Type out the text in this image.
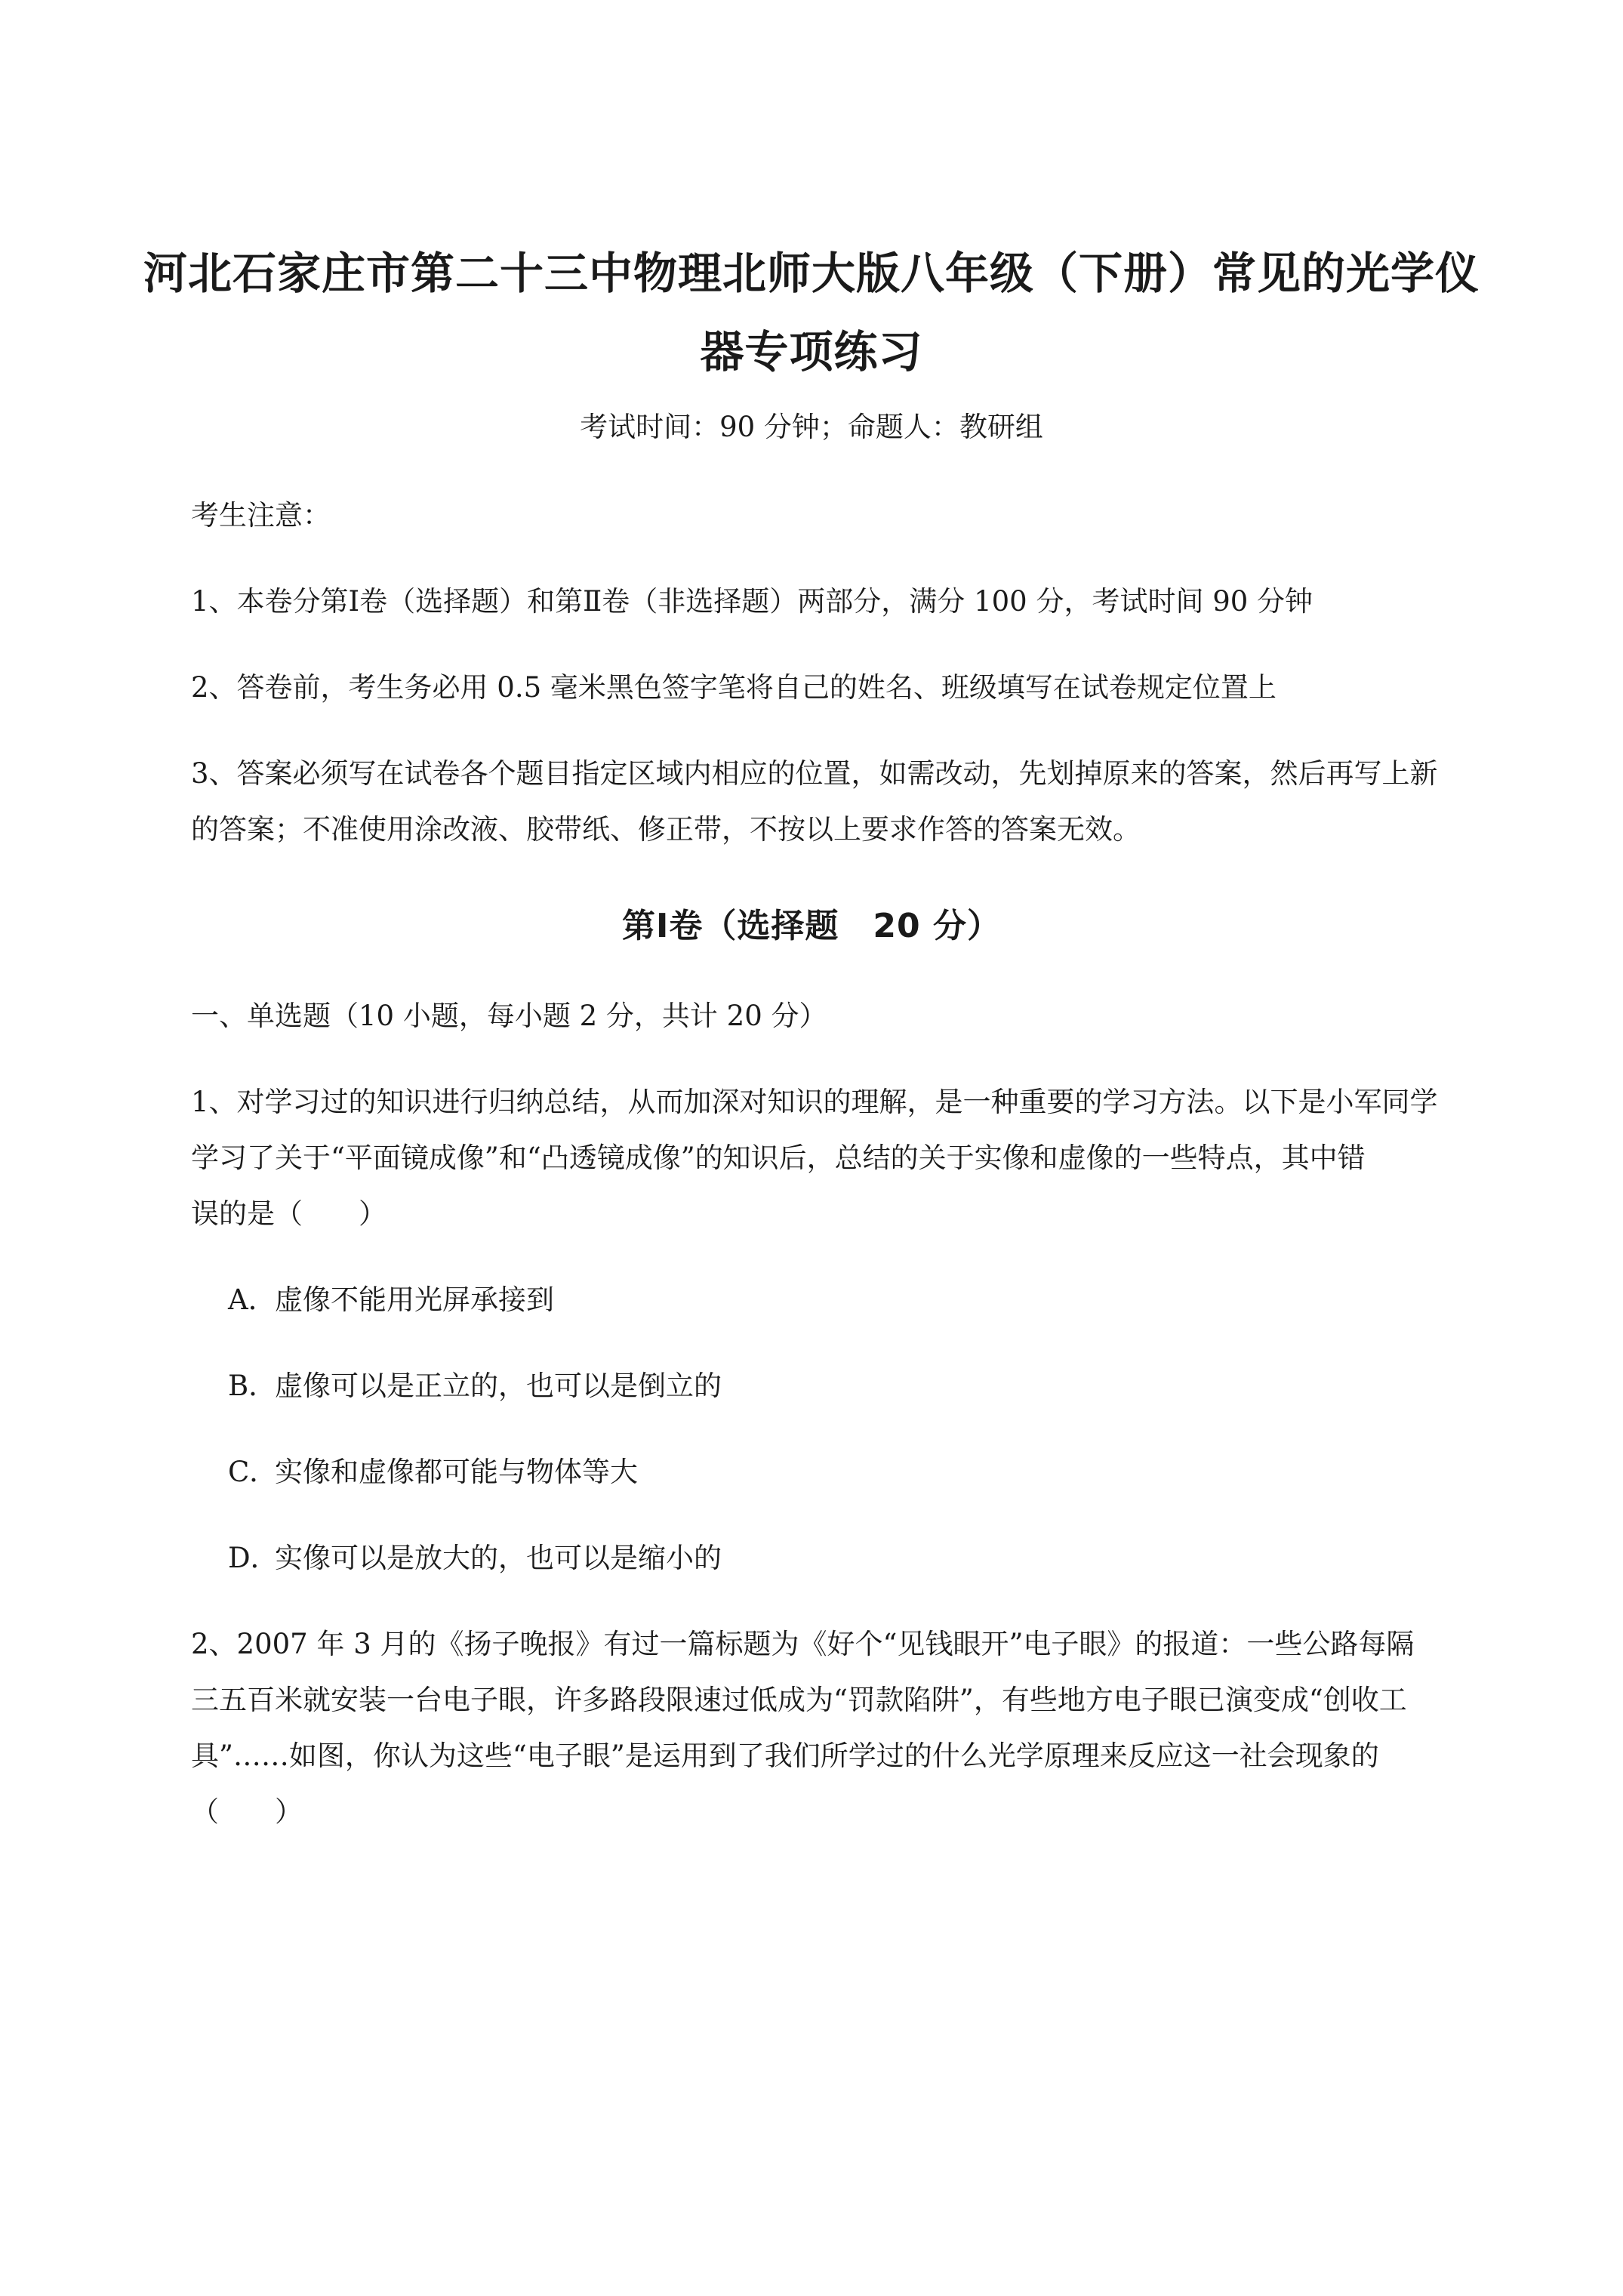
河北石家庄市第二十三中物理北师大版八年级（下册）常见的光学仪
器专项练习
考试时间：90 分钟；命题人：教研组
考生注意：
1、本卷分第Ⅰ卷（选择题）和第Ⅱ卷（非选择题）两部分，满分 100 分，考试时间 90 分钟
2、答卷前，考生务必用 0.5 毫米黑色签字笔将自己的姓名、班级填写在试卷规定位置上
3、答案必须写在试卷各个题目指定区域内相应的位置，如需改动，先划掉原来的答案，然后再写上新
的答案；不准使用涂改液、胶带纸、修正带，不按以上要求作答的答案无效。
第Ⅰ卷（选择题　20 分）
一、单选题（10 小题，每小题 2 分，共计 20 分）
1、对学习过的知识进行归纳总结，从而加深对知识的理解，是一种重要的学习方法。以下是小军同学
学习了关于“平面镜成像”和“凸透镜成像”的知识后，总结的关于实像和虚像的一些特点，其中错
误的是（　　）
A．虚像不能用光屏承接到
B．虚像可以是正立的，也可以是倒立的
C．实像和虚像都可能与物体等大
D．实像可以是放大的，也可以是缩小的
2、2007 年 3 月的《扬子晚报》有过一篇标题为《好个“见钱眼开”电子眼》的报道：一些公路每隔
三五百米就安装一台电子眼，许多路段限速过低成为“罚款陷阱”，有些地方电子眼已演变成“创收工
具”……如图，你认为这些“电子眼”是运用到了我们所学过的什么光学原理来反应这一社会现象的
（　　）
